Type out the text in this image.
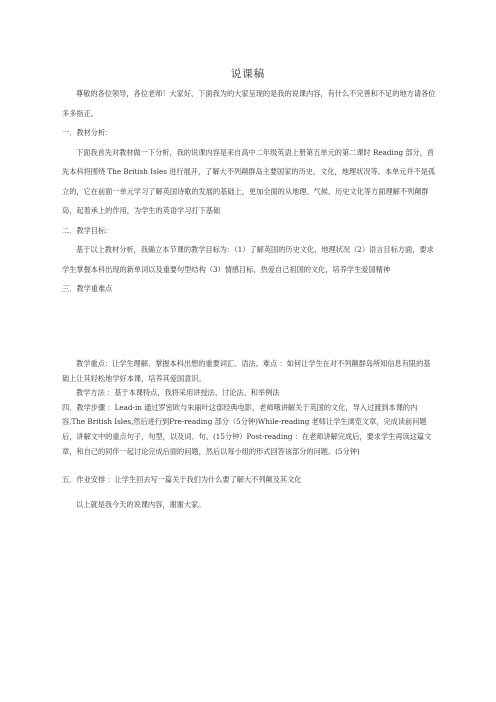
说课稿

尊敬的各位领导，各位老师！大家好，下面我为的大家呈现的是我的说课内容，有什么不完善和不足的地方请各位多多指正。

一．教材分析：

下面我首先对教材做一下分析，我的说课内容是来自高中二年级英语上册第五单元的第二课时 Reading 部分，首先本科将围绕 The British Isles 进行展开，了解大不列颠群岛主要国家的历史、文化，地理状况等。本单元并不是孤立的，它在前面一单元学习了解英国诗歌的发展的基础上，更加全面的从地理、气候、历史文化等方面理解不列颠群岛，起着承上的作用，为学生的英语学习打下基础

二．教学目标：

基于以上教材分析，我确立本节课的教学目标为：（1）了解英国的历史文化，地理状况（2）语言目标方面，要求学生掌握本科出现的新单词以及重要句型结构（3）情感目标，热爱自己祖国的文化，培养学生爱国精神

三．教学重难点

教学重点：让学生理解、掌握本科出想的重要词汇、语法。难点 ：如何让学生在对不列颠群岛所知信息有限的基础上让其轻松地学好本课，培养其爱国意识。

教学方法 ：基于本课特点，我将采用讲授法、讨论法、和举例法

四．教学步骤 ：Lead-in 通过罗密欧与朱丽叶这部经典电影，老师哦讲解关于英国的文化，导入过渡到本课的内容,The British Isles,然后进行到Pre-reading 部分（5分钟)While-reading 老师让学生浏览文章，完成读前问题后，讲解文中的重点句子，句型，以及词、句。(15分钟）Post-reading ：在老师讲解完成后，要求学生再读这篇文章，和自己的同伴一起讨论完成后面的问题，然后以每小组的形式回答该部分的问题。(5分钟)

五．作业安排 ：让学生回去写一篇关于我们为什么要了解大不列颠及其文化

以上就是我今天的说课内容，谢谢大家。
